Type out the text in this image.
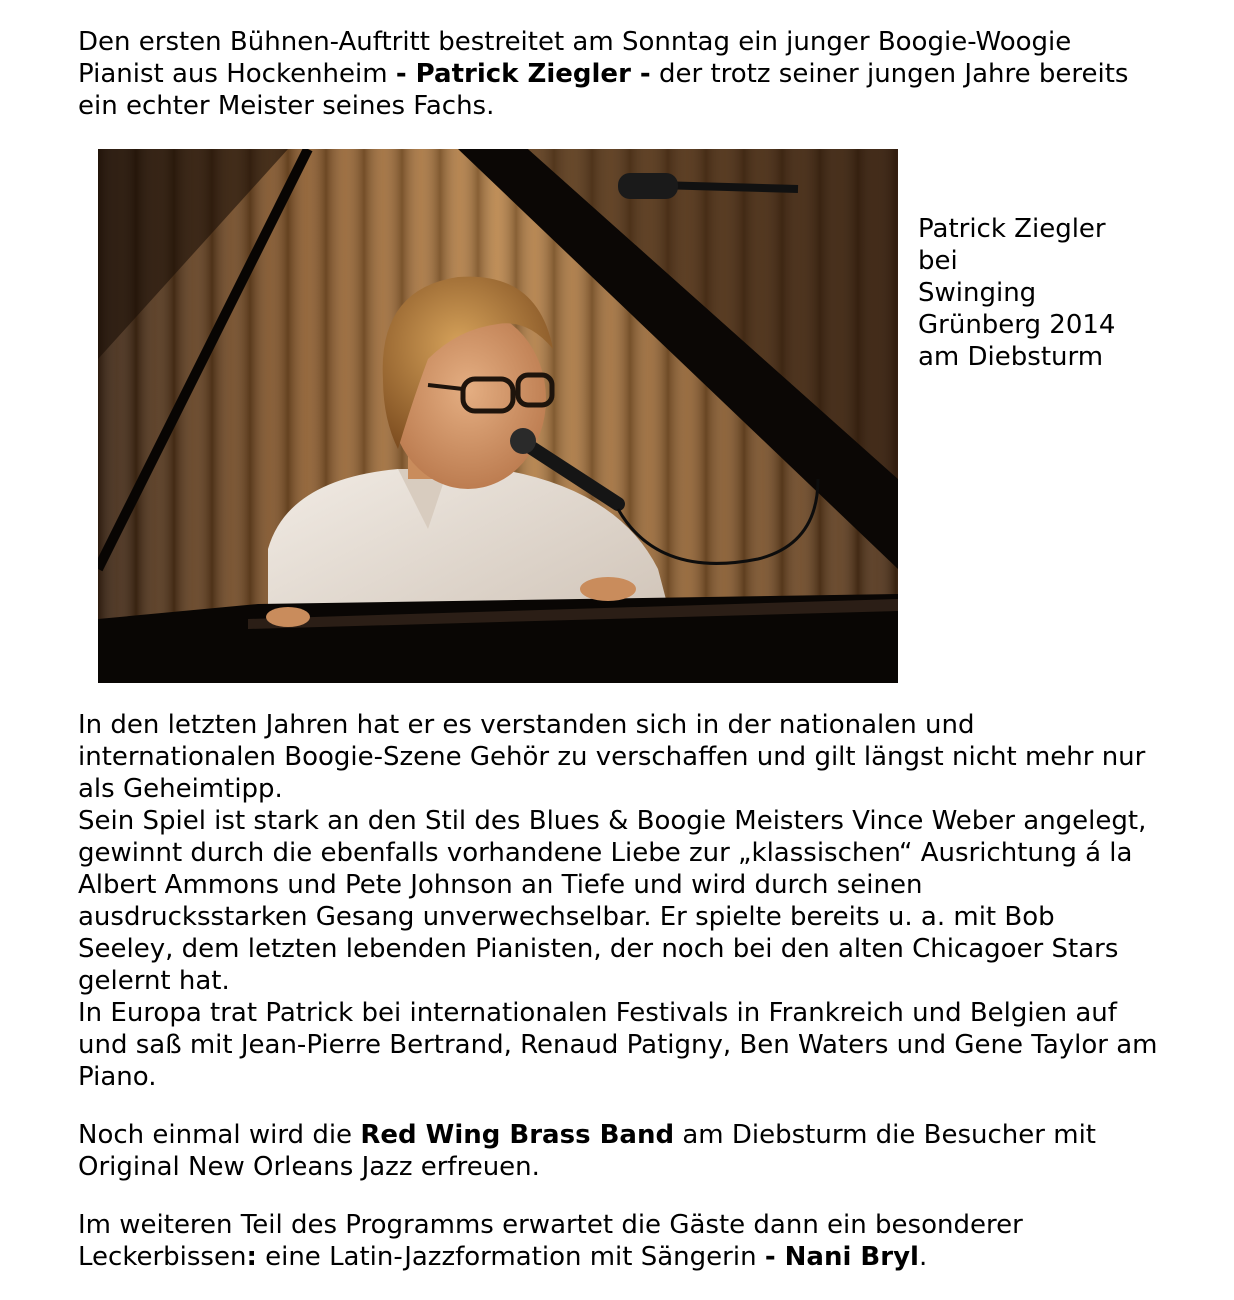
Den ersten Bühnen-Auftritt bestreitet am Sonntag ein junger Boogie-Woogie Pianist aus Hockenheim - Patrick Ziegler - der trotz seiner jungen Jahre bereits ein echter Meister seines Fachs.

Patrick Ziegler
bei
Swinging
Grünberg 2014
am Diebsturm

In den letzten Jahren hat er es verstanden sich in der nationalen und internationalen Boogie-Szene Gehör zu verschaffen und gilt längst nicht mehr nur als Geheimtipp.

Sein Spiel ist stark an den Stil des Blues & Boogie Meisters Vince Weber angelegt, gewinnt durch die ebenfalls vorhandene Liebe zur „klassischen“ Ausrichtung á la Albert Ammons und Pete Johnson an Tiefe und wird durch seinen ausdrucksstarken Gesang unverwechselbar. Er spielte bereits u. a. mit Bob Seeley, dem letzten lebenden Pianisten, der noch bei den alten Chicagoer Stars gelernt hat.

In Europa trat Patrick bei internationalen Festivals in Frankreich und Belgien auf und saß mit Jean-Pierre Bertrand, Renaud Patigny, Ben Waters und Gene Taylor am Piano.

Noch einmal wird die Red Wing Brass Band am Diebsturm die Besucher mit Original New Orleans Jazz erfreuen.

Im weiteren Teil des Programms erwartet die Gäste dann ein besonderer Leckerbissen: eine Latin-Jazzformation mit Sängerin - Nani Bryl.
